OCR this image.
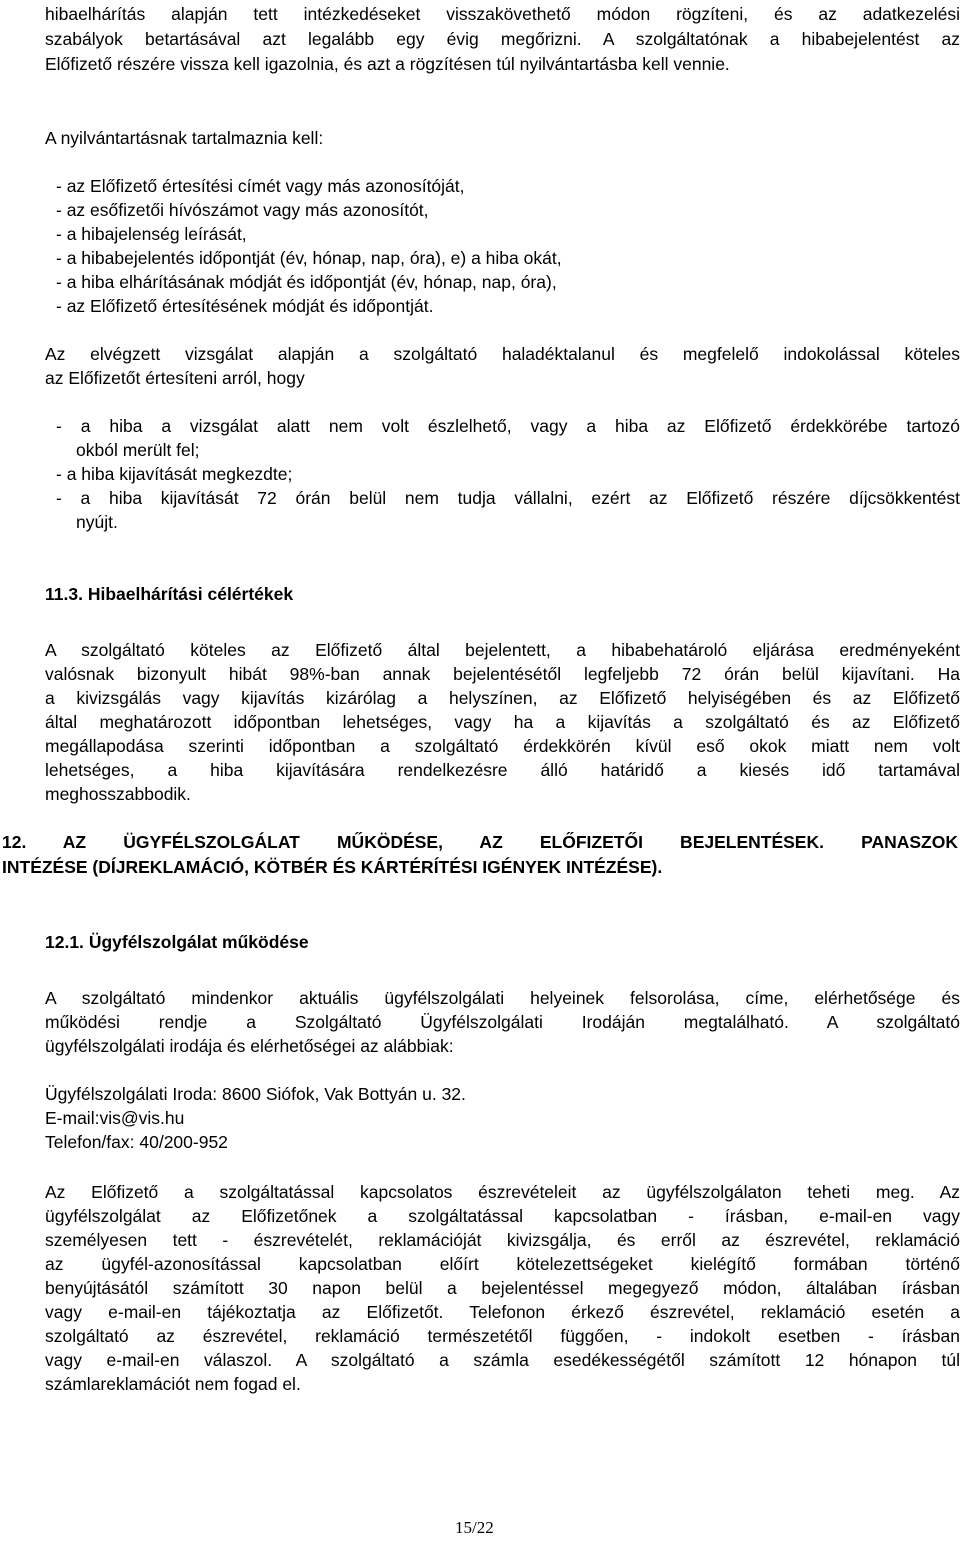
hibaelhárítás alapján tett intézkedéseket visszakövethető módon rögzíteni, és az adatkezelési
szabályok betartásával azt legalább egy évig megőrizni. A szolgáltatónak a hibabejelentést az
Előfizető részére vissza kell igazolnia, és azt a rögzítésen túl nyilvántartásba kell vennie.
A nyilvántartásnak tartalmaznia kell:
- az Előfizető értesítési címét vagy más azonosítóját,
- az esőfizetői hívószámot vagy más azonosítót,
- a hibajelenség leírását,
- a hibabejelentés időpontját (év, hónap, nap, óra), e) a hiba okát,
- a hiba elhárításának módját és időpontját (év, hónap, nap, óra),
- az Előfizető értesítésének módját és időpontját.
Az elvégzett vizsgálat alapján a szolgáltató haladéktalanul és megfelelő indokolással köteles
az Előfizetőt értesíteni arról, hogy
- a hiba a vizsgálat alatt nem volt észlelhető, vagy a hiba az Előfizető érdekkörébe tartozó
okból merült fel;
- a hiba kijavítását megkezdte;
- a hiba kijavítását 72 órán belül nem tudja vállalni, ezért az Előfizető részére díjcsökkentést
nyújt.
11.3. Hibaelhárítási célértékek
A szolgáltató köteles az Előfizető által bejelentett, a hibabehatároló eljárása eredményeként
valósnak bizonyult hibát 98%-ban annak bejelentésétől legfeljebb 72 órán belül kijavítani. Ha
a kivizsgálás vagy kijavítás kizárólag a helyszínen, az Előfizető helyiségében és az Előfizető
által meghatározott időpontban lehetséges, vagy ha a kijavítás a szolgáltató és az Előfizető
megállapodása szerinti időpontban a szolgáltató érdekkörén kívül eső okok miatt nem volt
lehetséges, a hiba kijavítására rendelkezésre álló határidő a kiesés idő tartamával
meghosszabbodik.
12. AZ ÜGYFÉLSZOLGÁLAT MŰKÖDÉSE, AZ ELŐFIZETŐI BEJELENTÉSEK. PANASZOK
INTÉZÉSE (DÍJREKLAMÁCIÓ, KÖTBÉR ÉS KÁRTÉRÍTÉSI IGÉNYEK INTÉZÉSE).
12.1. Ügyfélszolgálat működése
A szolgáltató mindenkor aktuális ügyfélszolgálati helyeinek felsorolása, címe, elérhetősége és
működési rendje a Szolgáltató Ügyfélszolgálati Irodáján megtalálható. A szolgáltató
ügyfélszolgálati irodája és elérhetőségei az alábbiak:
Ügyfélszolgálati Iroda: 8600 Siófok, Vak Bottyán u. 32.
E-mail:vis@vis.hu
Telefon/fax: 40/200-952
Az Előfizető a szolgáltatással kapcsolatos észrevételeit az ügyfélszolgálaton teheti meg. Az
ügyfélszolgálat az Előfizetőnek a szolgáltatással kapcsolatban - írásban, e-mail-en vagy
személyesen tett - észrevételét, reklamációját kivizsgálja, és erről az észrevétel, reklamáció
az ügyfél-azonosítással kapcsolatban előírt kötelezettségeket kielégítő formában történő
benyújtásától számított 30 napon belül a bejelentéssel megegyező módon, általában írásban
vagy e-mail-en tájékoztatja az Előfizetőt. Telefonon érkező észrevétel, reklamáció esetén a
szolgáltató az észrevétel, reklamáció természetétől függően, - indokolt esetben - írásban
vagy e-mail-en válaszol. A szolgáltató a számla esedékességétől számított 12 hónapon túl
számlareklamációt nem fogad el.
15/22
